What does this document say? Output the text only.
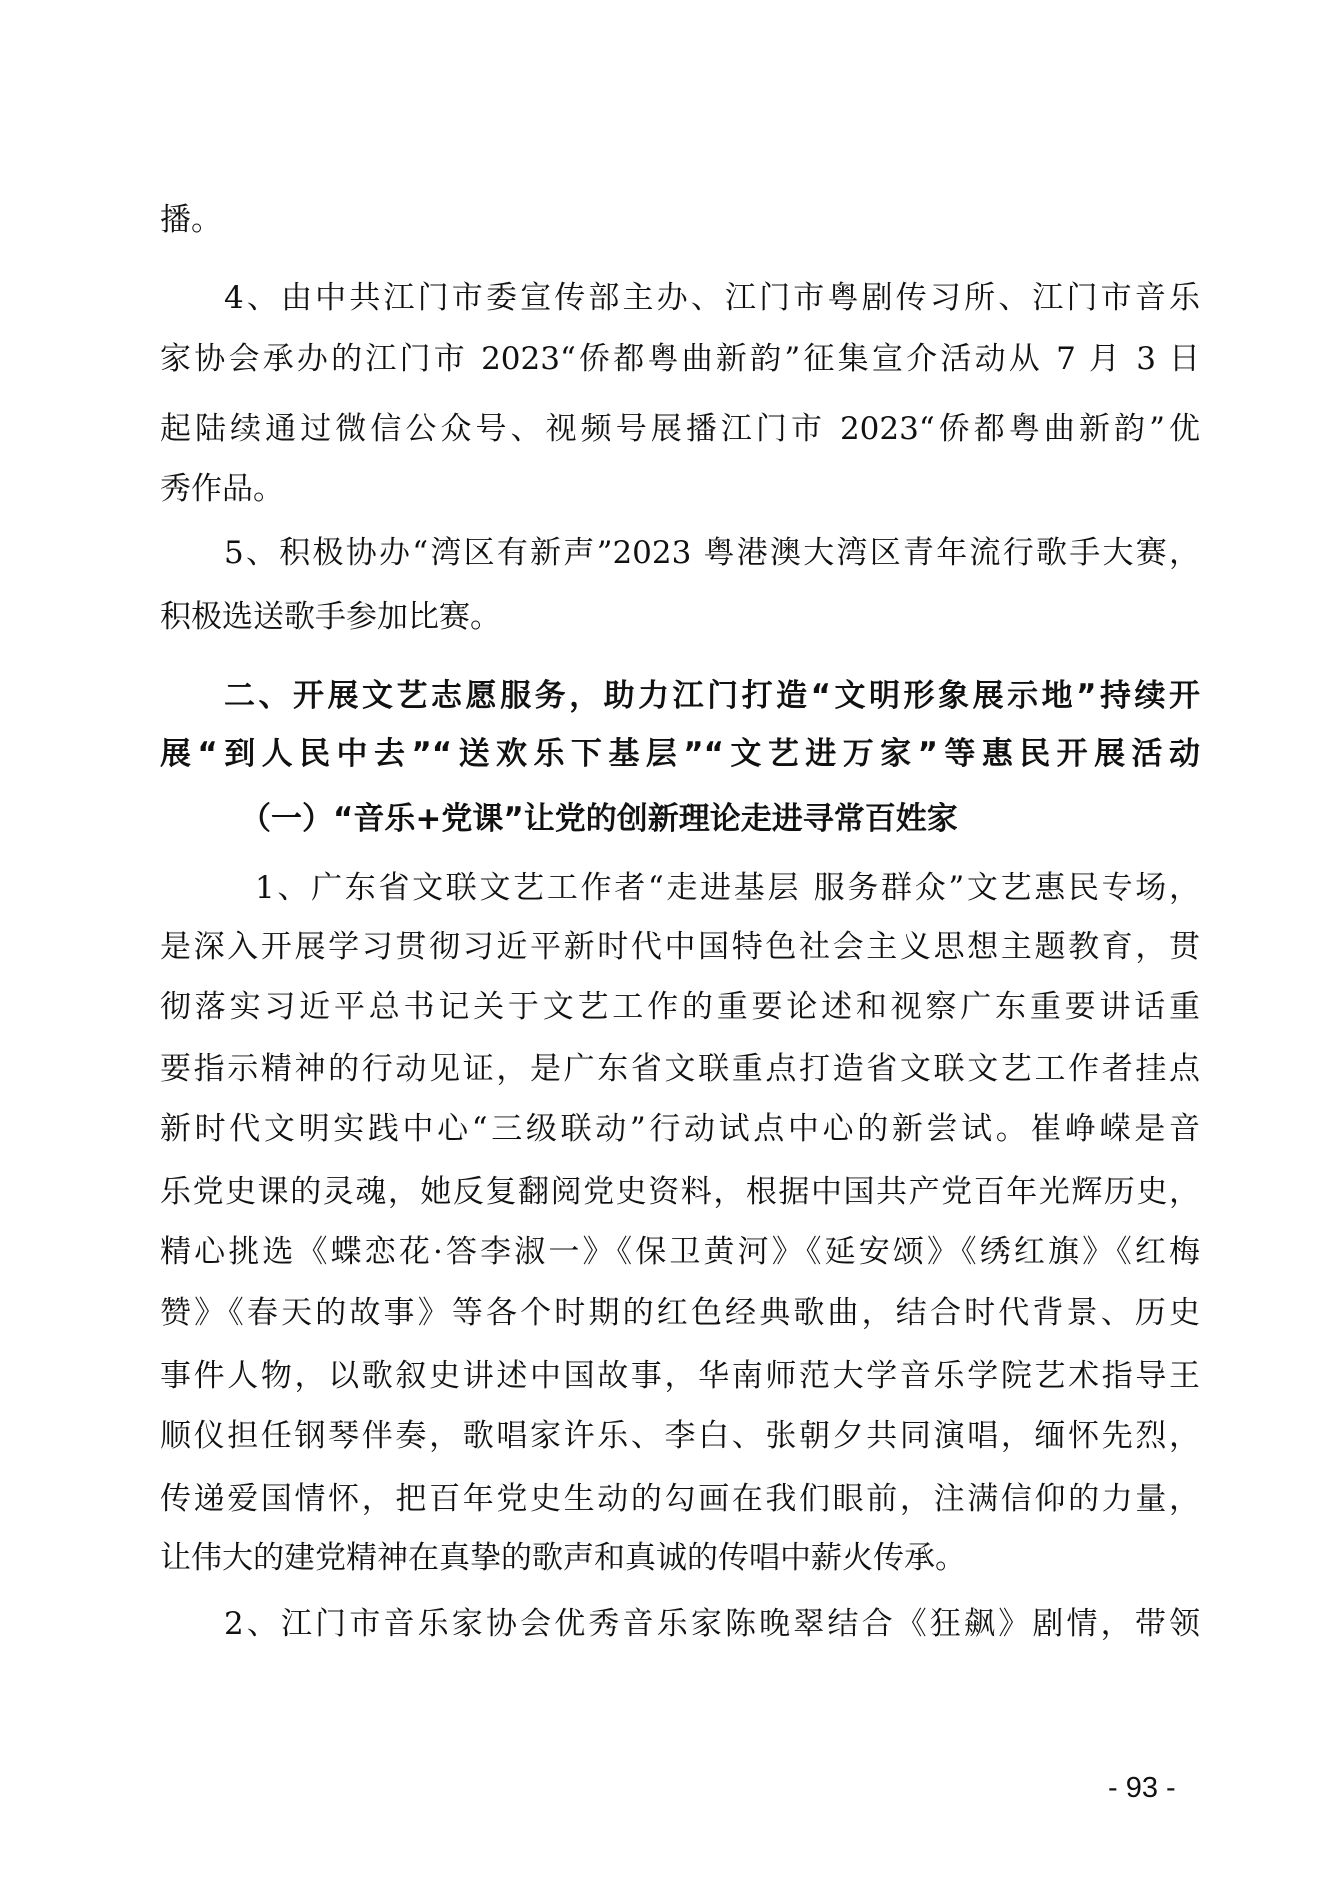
播。
4、由中共江门市委宣传部主办、江门市粤剧传习所、江门市音乐
家协会承办的江门市 2023“侨都粤曲新韵”征集宣介活动从 7 月 3 日
起陆续通过微信公众号、视频号展播江门市 2023“侨都粤曲新韵”优
秀作品。
5、积极协办“湾区有新声”2023 粤港澳大湾区青年流行歌手大赛，
积极选送歌手参加比赛。
二、开展文艺志愿服务，助力江门打造“文明形象展示地”持续开
展“到人民中去”“送欢乐下基层”“文艺进万家”等惠民开展活动
（一）“音乐+党课”让党的创新理论走进寻常百姓家
1、广东省文联文艺工作者“走进基层 服务群众”文艺惠民专场，
是深入开展学习贯彻习近平新时代中国特色社会主义思想主题教育，贯
彻落实习近平总书记关于文艺工作的重要论述和视察广东重要讲话重
要指示精神的行动见证，是广东省文联重点打造省文联文艺工作者挂点
新时代文明实践中心“三级联动”行动试点中心的新尝试。崔峥嵘是音
乐党史课的灵魂，她反复翻阅党史资料，根据中国共产党百年光辉历史，
精心挑选《蝶恋花·答李淑一》《保卫黄河》《延安颂》《绣红旗》《红梅
赞》《春天的故事》等各个时期的红色经典歌曲，结合时代背景、历史
事件人物，以歌叙史讲述中国故事，华南师范大学音乐学院艺术指导王
顺仪担任钢琴伴奏，歌唱家许乐、李白、张朝夕共同演唱，缅怀先烈，
传递爱国情怀，把百年党史生动的勾画在我们眼前，注满信仰的力量，
让伟大的建党精神在真挚的歌声和真诚的传唱中薪火传承。
2、江门市音乐家协会优秀音乐家陈晚翠结合《狂飙》剧情，带领
- 93 -
